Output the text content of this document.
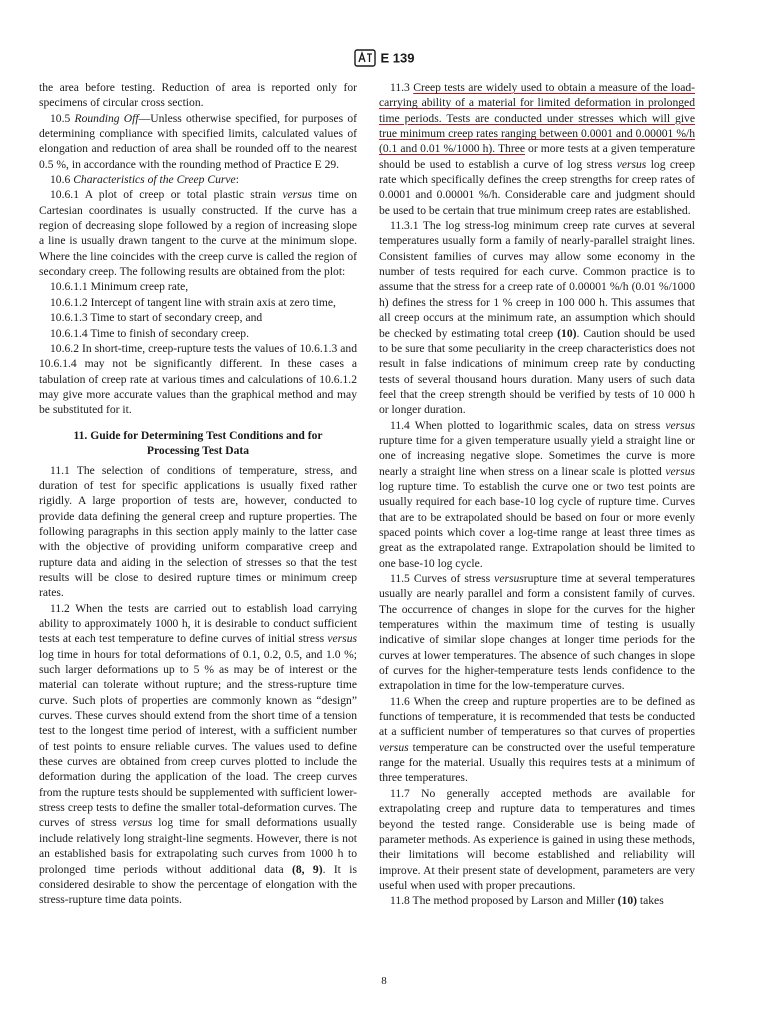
E 139

the area before testing. Reduction of area is reported only for specimens of circular cross section.

10.5 Rounding Off—Unless otherwise specified, for purposes of determining compliance with specified limits, calculated values of elongation and reduction of area shall be rounded off to the nearest 0.5 %, in accordance with the rounding method of Practice E 29.

10.6 Characteristics of the Creep Curve:

10.6.1 A plot of creep or total plastic strain versus time on Cartesian coordinates is usually constructed. If the curve has a region of decreasing slope followed by a region of increasing slope a line is usually drawn tangent to the curve at the minimum slope. Where the line coincides with the creep curve is called the region of secondary creep. The following results are obtained from the plot:

10.6.1.1 Minimum creep rate,

10.6.1.2 Intercept of tangent line with strain axis at zero time,

10.6.1.3 Time to start of secondary creep, and

10.6.1.4 Time to finish of secondary creep.

10.6.2 In short-time, creep-rupture tests the values of 10.6.1.3 and 10.6.1.4 may not be significantly different. In these cases a tabulation of creep rate at various times and calculations of 10.6.1.2 may give more accurate values than the graphical method and may be substituted for it.

11. Guide for Determining Test Conditions and for
Processing Test Data

11.1 The selection of conditions of temperature, stress, and duration of test for specific applications is usually fixed rather rigidly. A large proportion of tests are, however, conducted to provide data defining the general creep and rupture properties. The following paragraphs in this section apply mainly to the latter case with the objective of providing uniform comparative creep and rupture data and aiding in the selection of stresses so that the test results will be close to desired rupture times or minimum creep rates.

11.2 When the tests are carried out to establish load carrying ability to approximately 1000 h, it is desirable to conduct sufficient tests at each test temperature to define curves of initial stress versus log time in hours for total deformations of 0.1, 0.2, 0.5, and 1.0 %; such larger deformations up to 5 % as may be of interest or the material can tolerate without rupture; and the stress-rupture time curve. Such plots of properties are commonly known as “design” curves. These curves should extend from the short time of a tension test to the longest time period of interest, with a sufficient number of test points to ensure reliable curves. The values used to define these curves are obtained from creep curves plotted to include the deformation during the application of the load. The creep curves from the rupture tests should be supplemented with sufficient lower-stress creep tests to define the smaller total-deformation curves. The curves of stress versus log time for small deformations usually include relatively long straight-line segments. However, there is not an established basis for extrapolating such curves from 1000 h to prolonged time periods without additional data (8, 9). It is considered desirable to show the percentage of elongation with the stress-rupture time data points.

11.3 Creep tests are widely used to obtain a measure of the load-carrying ability of a material for limited deformation in prolonged time periods. Tests are conducted under stresses which will give true minimum creep rates ranging between 0.0001 and 0.00001 %/h (0.1 and 0.01 %/1000 h). Three or more tests at a given temperature should be used to establish a curve of log stress versus log creep rate which specifically defines the creep strengths for creep rates of 0.0001 and 0.00001 %/h. Considerable care and judgment should be used to be certain that true minimum creep rates are established.

11.3.1 The log stress-log minimum creep rate curves at several temperatures usually form a family of nearly-parallel straight lines. Consistent families of curves may allow some economy in the number of tests required for each curve. Common practice is to assume that the stress for a creep rate of 0.00001 %/h (0.01 %/1000 h) defines the stress for 1 % creep in 100 000 h. This assumes that all creep occurs at the minimum rate, an assumption which should be checked by estimating total creep (10). Caution should be used to be sure that some peculiarity in the creep characteristics does not result in false indications of minimum creep rate by conducting tests of several thousand hours duration. Many users of such data feel that the creep strength should be verified by tests of 10 000 h or longer duration.

11.4 When plotted to logarithmic scales, data on stress versus rupture time for a given temperature usually yield a straight line or one of increasing negative slope. Sometimes the curve is more nearly a straight line when stress on a linear scale is plotted versus log rupture time. To establish the curve one or two test points are usually required for each base-10 log cycle of rupture time. Curves that are to be extrapolated should be based on four or more evenly spaced points which cover a log-time range at least three times as great as the extrapolated range. Extrapolation should be limited to one base-10 log cycle.

11.5 Curves of stress versusrupture time at several temperatures usually are nearly parallel and form a consistent family of curves. The occurrence of changes in slope for the curves for the higher temperatures within the maximum time of testing is usually indicative of similar slope changes at longer time periods for the curves at lower temperatures. The absence of such changes in slope of curves for the higher-temperature tests lends confidence to the extrapolation in time for the low-temperature curves.

11.6 When the creep and rupture properties are to be defined as functions of temperature, it is recommended that tests be conducted at a sufficient number of temperatures so that curves of properties versus temperature can be constructed over the useful temperature range for the material. Usually this requires tests at a minimum of three temperatures.

11.7 No generally accepted methods are available for extrapolating creep and rupture data to temperatures and times beyond the tested range. Considerable use is being made of parameter methods. As experience is gained in using these methods, their limitations will become established and reliability will improve. At their present state of development, parameters are very useful when used with proper precautions.

11.8 The method proposed by Larson and Miller (10) takes

8
